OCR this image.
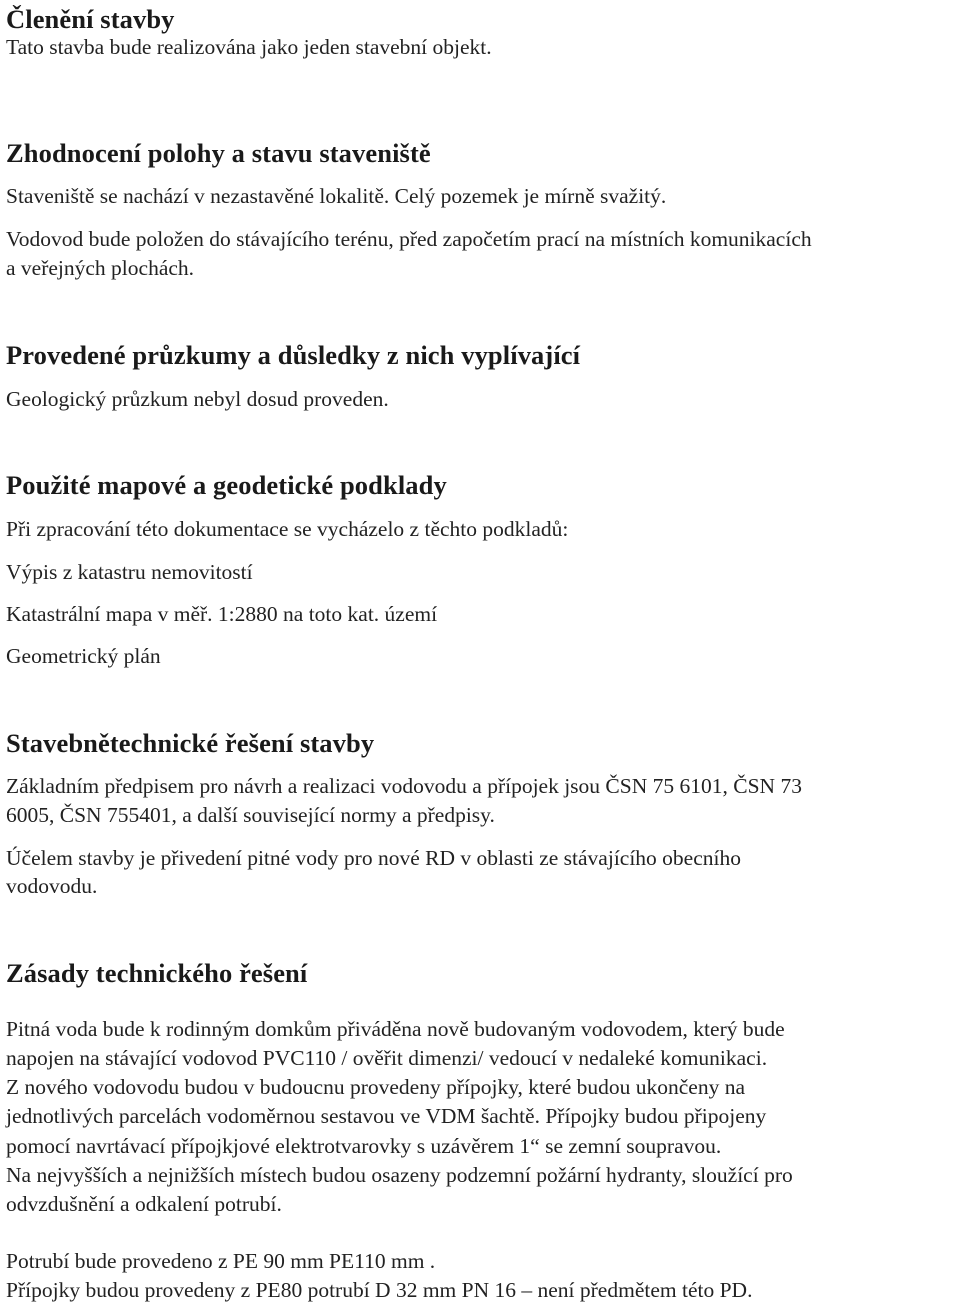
Členění stavby

Tato stavba bude realizována jako jeden stavební objekt.

Zhodnocení polohy a stavu staveniště

Staveniště se nachází v nezastavěné lokalitě. Celý pozemek je mírně svažitý.

Vodovod bude položen do stávajícího terénu, před započetím prací na místních komunikacích

a veřejných plochách.

Provedené průzkumy a důsledky z nich vyplívající

Geologický průzkum nebyl dosud proveden.

Použité mapové a geodetické podklady

Při zpracování této dokumentace se vycházelo z těchto podkladů:

Výpis z katastru nemovitostí

Katastrální mapa v měř. 1:2880 na toto kat. území

Geometrický plán

Stavebnětechnické řešení stavby

Základním předpisem pro návrh a realizaci vodovodu a přípojek jsou ČSN 75 6101, ČSN 73

6005, ČSN 755401, a další související normy a předpisy.

Účelem stavby je přivedení pitné vody pro nové RD v oblasti ze stávajícího obecního

vodovodu.

Zásady technického řešení

Pitná voda bude k rodinným domkům přiváděna nově budovaným vodovodem, který bude

napojen na stávající vodovod PVC110 / ověřit dimenzi/ vedoucí v nedaleké komunikaci.

Z nového vodovodu budou v budoucnu provedeny přípojky, které budou ukončeny na

jednotlivých parcelách vodoměrnou sestavou ve VDM šachtě. Přípojky budou připojeny

pomocí navrtávací přípojkjové elektrotvarovky s uzávěrem 1“ se zemní soupravou.

Na nejvyšších a nejnižších místech budou osazeny podzemní požární hydranty, sloužící pro

odvzdušnění a odkalení potrubí.

Potrubí bude provedeno z PE 90 mm PE110 mm .

Přípojky budou provedeny z PE80 potrubí D 32 mm PN 16 – není předmětem této PD.
